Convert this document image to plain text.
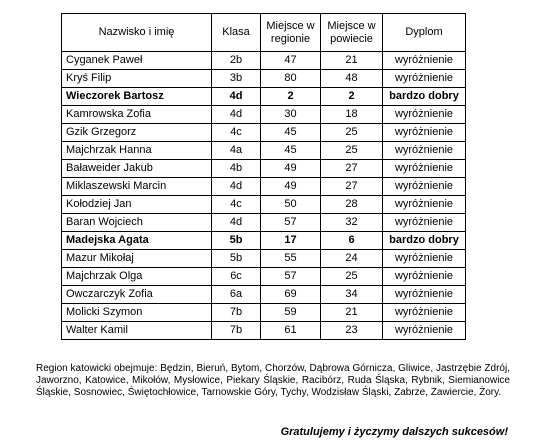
Nazwisko i imię	Klasa	Miejsce w regionie	Miejsce w powiecie	Dyplom
Cyganek Paweł	2b	47	21	wyróżnienie
Kryś Filip	3b	80	48	wyróżnienie
Wieczorek Bartosz	4d	2	2	bardzo dobry
Kamrowska Zofia	4d	30	18	wyróżnienie
Gzik Grzegorz	4c	45	25	wyróżnienie
Majchrzak Hanna	4a	45	25	wyróżnienie
Baławeider Jakub	4b	49	27	wyróżnienie
Miklaszewski Marcin	4d	49	27	wyróżnienie
Kołodziej Jan	4c	50	28	wyróżnienie
Baran Wojciech	4d	57	32	wyróżnienie
Madejska Agata	5b	17	6	bardzo dobry
Mazur Mikołaj	5b	55	24	wyróżnienie
Majchrzak Olga	6c	57	25	wyróżnienie
Owczarczyk Zofia	6a	69	34	wyróżnienie
Molicki Szymon	7b	59	21	wyróżnienie
Walter Kamil	7b	61	23	wyróżnienie

Region katowicki obejmuje: Będzin, Bieruń, Bytom, Chorzów, Dąbrowa Górnicza, Gliwice, Jastrzębie Zdrój, Jaworzno, Katowice, Mikołów, Mysłowice, Piekary Śląskie, Racibórz, Ruda Śląska, Rybnik, Siemianowice Śląskie, Sosnowiec, Świętochłowice, Tarnowskie Góry, Tychy, Wodzisław Śląski, Zabrze, Zawiercie, Żory.

Gratulujemy i życzymy dalszych sukcesów!
